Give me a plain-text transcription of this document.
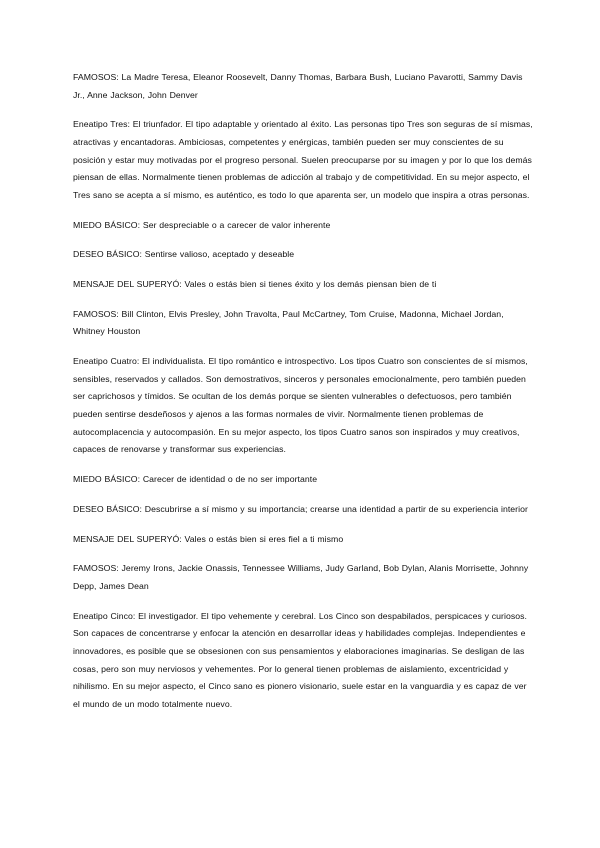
FAMOSOS: La Madre Teresa, Eleanor Roosevelt, Danny Thomas, Barbara Bush, Luciano Pavarotti, Sammy Davis Jr., Anne Jackson, John Denver

Eneatipo Tres: El triunfador. El tipo adaptable y orientado al éxito. Las personas tipo Tres son seguras de sí mismas, atractivas y encantadoras. Ambiciosas, competentes y enérgicas, también pueden ser muy conscientes de su posición y estar muy motivadas por el progreso personal. Suelen preocuparse por su imagen y por lo que los demás piensan de ellas. Normalmente tienen problemas de adicción al trabajo y de competitividad. En su mejor aspecto, el Tres sano se acepta a sí mismo, es auténtico, es todo lo que aparenta ser, un modelo que inspira a otras personas.

MIEDO BÁSICO: Ser despreciable o a carecer de valor inherente

DESEO BÁSICO: Sentirse valioso, aceptado y deseable

MENSAJE DEL SUPERYÓ: Vales o estás bien si tienes éxito y los demás piensan bien de ti

FAMOSOS: Bill Clinton, Elvis Presley, John Travolta, Paul McCartney, Tom Cruise, Madonna, Michael Jordan, Whitney Houston

Eneatipo Cuatro: El individualista. El tipo romántico e introspectivo. Los tipos Cuatro son conscientes de sí mismos, sensibles, reservados y callados. Son demostrativos, sinceros y personales emocionalmente, pero también pueden ser caprichosos y tímidos. Se ocultan de los demás porque se sienten vulnerables o defectuosos, pero también pueden sentirse desdeñosos y ajenos a las formas normales de vivir. Normalmente tienen problemas de autocomplacencia y autocompasión. En su mejor aspecto, los tipos Cuatro sanos son inspirados y muy creativos, capaces de renovarse y transformar sus experiencias.

MIEDO BÁSICO: Carecer de identidad o de no ser importante

DESEO BÁSICO: Descubrirse a sí mismo y su importancia; crearse una identidad a partir de su experiencia interior

MENSAJE DEL SUPERYÓ: Vales o estás bien si eres fiel a ti mismo

FAMOSOS: Jeremy Irons, Jackie Onassis, Tennessee Williams, Judy Garland, Bob Dylan, Alanis Morrisette, Johnny Depp, James Dean

Eneatipo Cinco: El investigador. El tipo vehemente y cerebral. Los Cinco son despabilados, perspicaces y curiosos. Son capaces de concentrarse y enfocar la atención en desarrollar ideas y habilidades complejas. Independientes e innovadores, es posible que se obsesionen con sus pensamientos y elaboraciones imaginarias. Se desligan de las cosas, pero son muy nerviosos y vehementes. Por lo general tienen problemas de aislamiento, excentricidad y nihilismo. En su mejor aspecto, el Cinco sano es pionero visionario, suele estar en la vanguardia y es capaz de ver el mundo de un modo totalmente nuevo.
